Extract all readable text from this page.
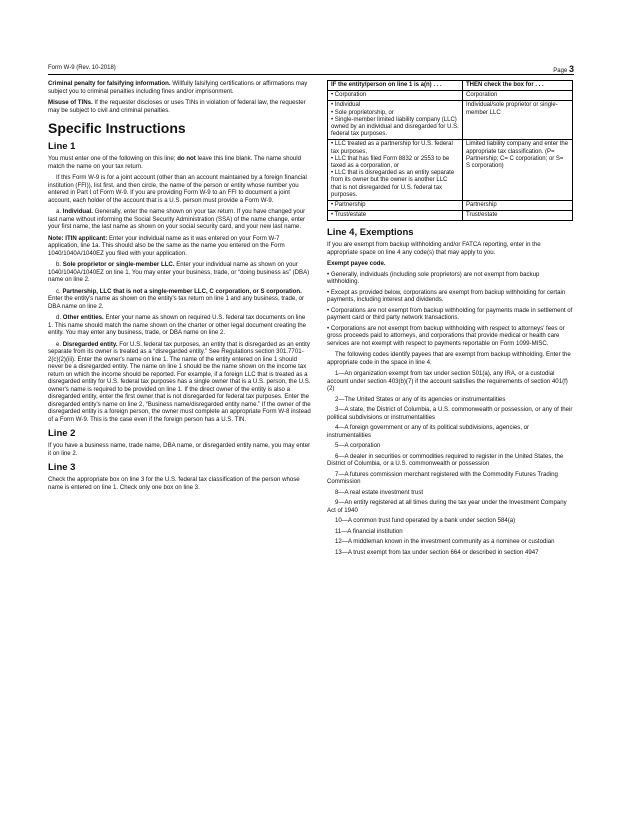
Form W-9 (Rev. 10-2018)	Page 3

Criminal penalty for falsifying information. Willfully falsifying certifications or affirmations may subject you to criminal penalties including fines and/or imprisonment.

Misuse of TINs. If the requester discloses or uses TINs in violation of federal law, the requester may be subject to civil and criminal penalties.

Specific Instructions
Line 1

You must enter one of the following on this line; do not leave this line blank. The name should match the name on your tax return.

If this Form W-9 is for a joint account (other than an account maintained by a foreign financial institution (FFI)), list first, and then circle, the name of the person or entity whose number you entered in Part I of Form W-9. If you are providing Form W-9 to an FFI to document a joint account, each holder of the account that is a U.S. person must provide a Form W-9.

a. Individual. Generally, enter the name shown on your tax return. If you have changed your last name without informing the Social Security Administration (SSA) of the name change, enter your first name, the last name as shown on your social security card, and your new last name.

Note: ITIN applicant: Enter your individual name as it was entered on your Form W-7 application, line 1a. This should also be the same as the name you entered on the Form 1040/1040A/1040EZ you filed with your application.

b. Sole proprietor or single-member LLC. Enter your individual name as shown on your 1040/1040A/1040EZ on line 1. You may enter your business, trade, or “doing business as” (DBA) name on line 2.

c. Partnership, LLC that is not a single-member LLC, C corporation, or S corporation. Enter the entity's name as shown on the entity's tax return on line 1 and any business, trade, or DBA name on line 2.

d. Other entities. Enter your name as shown on required U.S. federal tax documents on line 1. This name should match the name shown on the charter or other legal document creating the entity. You may enter any business, trade, or DBA name on line 2.

e. Disregarded entity. For U.S. federal tax purposes, an entity that is disregarded as an entity separate from its owner is treated as a “disregarded entity.” See Regulations section 301.7701-2(c)(2)(iii). Enter the owner's name on line 1. The name of the entity entered on line 1 should never be a disregarded entity. The name on line 1 should be the name shown on the income tax return on which the income should be reported. For example, if a foreign LLC that is treated as a disregarded entity for U.S. federal tax purposes has a single owner that is a U.S. person, the U.S. owner's name is required to be provided on line 1. If the direct owner of the entity is also a disregarded entity, enter the first owner that is not disregarded for federal tax purposes. Enter the disregarded entity's name on line 2, “Business name/disregarded entity name.” If the owner of the disregarded entity is a foreign person, the owner must complete an appropriate Form W-8 instead of a Form W-9. This is the case even if the foreign person has a U.S. TIN.

Line 2

If you have a business name, trade name, DBA name, or disregarded entity name, you may enter it on line 2.

Line 3

Check the appropriate box on line 3 for the U.S. federal tax classification of the person whose name is entered on line 1. Check only one box on line 3.

IF the entity/person on line 1 is a(n) . . .	THEN check the box for . . .

• Corporation	Corporation

• Individual
• Sole proprietorship, or
• Single-member limited liability company (LLC) owned by an individual and disregarded for U.S. federal tax purposes.	Individual/sole proprietor or single-member LLC

• LLC treated as a partnership for U.S. federal tax purposes,
• LLC that has filed Form 8832 or 2553 to be taxed as a corporation, or
• LLC that is disregarded as an entity separate from its owner but the owner is another LLC that is not disregarded for U.S. federal tax purposes.	Limited liability company and enter the appropriate tax classification. (P= Partnership; C= C corporation; or S= S corporation)

• Partnership	Partnership

• Trust/estate	Trust/estate
Line 4, Exemptions

If you are exempt from backup withholding and/or FATCA reporting, enter in the appropriate space on line 4 any code(s) that may apply to you.

Exempt payee code.

• Generally, individuals (including sole proprietors) are not exempt from backup withholding.
• Except as provided below, corporations are exempt from backup withholding for certain payments, including interest and dividends.
• Corporations are not exempt from backup withholding for payments made in settlement of payment card or third party network transactions.
• Corporations are not exempt from backup withholding with respect to attorneys' fees or gross proceeds paid to attorneys, and corporations that provide medical or health care services are not exempt with respect to payments reportable on Form 1099-MISC.

The following codes identify payees that are exempt from backup withholding. Enter the appropriate code in the space in line 4.

1—An organization exempt from tax under section 501(a), any IRA, or a custodial account under section 403(b)(7) if the account satisfies the requirements of section 401(f)(2)

2—The United States or any of its agencies or instrumentalities

3—A state, the District of Columbia, a U.S. commonwealth or possession, or any of their political subdivisions or instrumentalities

4—A foreign government or any of its political subdivisions, agencies, or instrumentalities

5—A corporation

6—A dealer in securities or commodities required to register in the United States, the District of Columbia, or a U.S. commonwealth or possession

7—A futures commission merchant registered with the Commodity Futures Trading Commission

8—A real estate investment trust

9—An entity registered at all times during the tax year under the Investment Company Act of 1940

10—A common trust fund operated by a bank under section 584(a)

11—A financial institution

12—A middleman known in the investment community as a nominee or custodian

13—A trust exempt from tax under section 664 or described in section 4947
